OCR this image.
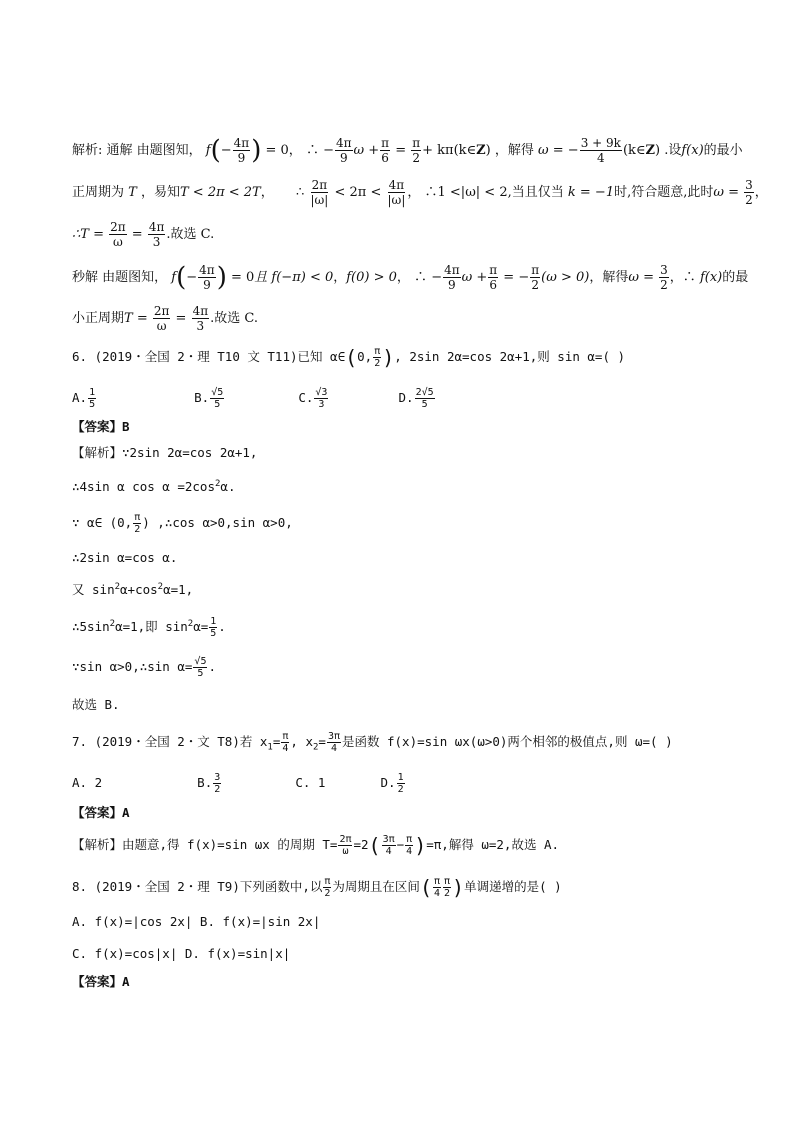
解析: 通解 由题图知， $f(- \frac{4\pi}{9}$ ) = 0， ∴ − $\frac{4\pi}{9}$ $\omega + \frac{\pi}{6} = \frac{\pi}{2}$ + kπ(k∈Z) ，解得 ω = − $\frac{3 + 9k}{4}$ (k∈Z) .设f(x)的最小
正周期为 T ，易知T < 2π < 2T， ∴ $\frac{2\pi}{|\omega|} < 2\pi < \frac{4\pi}{|\omega|}$ ， ∴1 <|ω| < 2,当且仅当 k = −1时,符合题意,此时$\omega = \frac{3}{2}$ ，
∴T = $\frac{2\pi}{\omega} = \frac{4\pi}{3}$ .故选 C.
秒解 由题图知， $f(- \frac{4\pi}{9}$ ) = 0且 f(−π) < 0，f(0) > 0， ∴ − $\frac{4\pi}{9}$ $\omega + \frac{\pi}{6}$ = − $\frac{\pi}{2} (\omega > 0)$，解得$\omega = \frac{3}{2}$ ，∴ f(x)的最
小正周期$T = \frac{2\pi}{\omega} = \frac{4\pi}{3}$ .故选 C.
6. (2019・全国 2・理 T10 文 T11)已知 α∈(0, $\frac{\pi}{2}$ ), 2sin 2α=cos 2α+1,则 sin α=( )
A. $\frac{1}{5}$	B. $\frac{√5}{5}$	C. $\frac{√3}{3}$	D. $\frac{2√5}{5}$
【答案】B
【解析】∵2sin 2α=cos 2α+1,
∴4sin α $\cos \alpha =2\cos^2\alpha$.
∵ α∈ (0, $\frac{\pi}{2}$ ) ,∴cos α>0,sin α>0,
∴2sin α=cos α.
又 $\sin^2\alpha+\cos^2\alpha=1$,
$\therefore 5\sin^2\alpha=1$,即 $\sin^2\alpha= \frac{1}{5}$ .
∵sin α>0,∴sin $\alpha= \frac{√5}{5}$ .
故选 B.
7. (2019・全国 2・文 T8)若 $x_1= \frac{\pi}{4}$ , $x_2= \frac{3\pi}{4}$ 是函数 f(x)=sin ωx(ω>0)两个相邻的极值点,则 ω=( )
A. 2	B. $\frac{3}{2}$	C. 1	D. $\frac{1}{2}$
【答案】A
【解析】由题意,得 f(x)=sin ωx 的周期 $T= \frac{2\pi}{\omega} =2( \frac{3\pi}{4} - \frac{\pi}{4} )=\pi$,解得 ω=2,故选 A.
8. (2019・全国 2・理 T9)下列函数中,以 $\frac{\pi}{2}$ 为周期且在区间( $\frac{\pi}{4} \frac{\pi}{2}$ )单调递增的是( )
A. f(x)=|cos 2x| B. f(x)=|sin 2x|
C. f(x)=cos|x| D. f(x)=sin|x|
【答案】A
